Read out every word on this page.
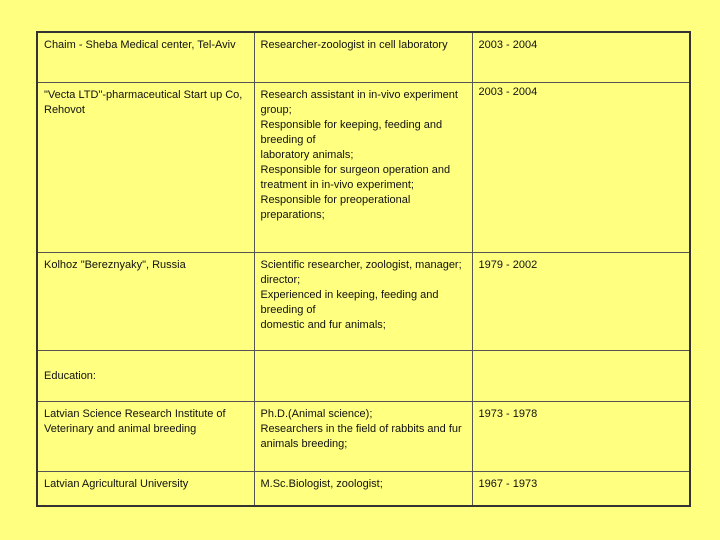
Chaim - Sheba Medical center, Tel-Aviv	Researcher-zoologist in cell laboratory	2003 - 2004
"Vecta LTD"-pharmaceutical Start up Co, Rehovot	Research assistant in in-vivo experiment group;
Responsible for keeping, feeding and breeding of
laboratory animals;
Responsible for surgeon operation and treatment in in-vivo experiment;
Responsible for preoperational preparations;	2003 - 2004

Kolhoz "Bereznyaky", Russia	Scientific researcher, zoologist, manager; director;
Experienced in keeping, feeding and breeding of
domestic and fur animals;	1979 - 2002
Education:		
Latvian Science Research Institute of Veterinary and animal breeding	Ph.D.(Animal science);
Researchers in the field of rabbits and fur animals breeding;	1973 - 1978
Latvian Agricultural University	M.Sc.Biologist, zoologist;	1967 - 1973
